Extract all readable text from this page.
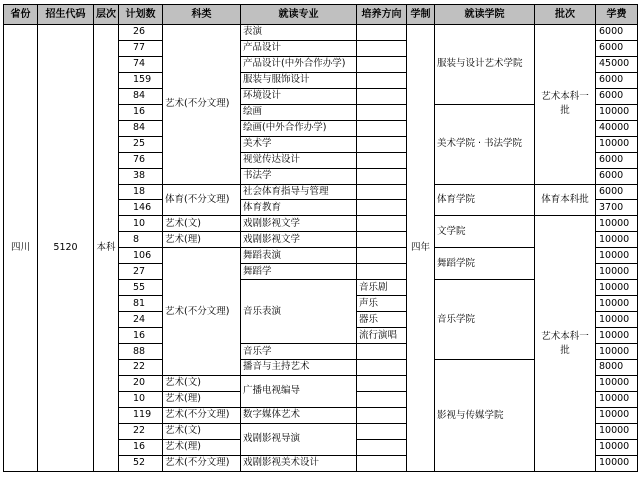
省份	招生代码	层次	计划数	科类	就读专业	培养方向	学制	就读学院	批次	学费
四川	5120	本科	26	艺术(不分文理)	表演		四年	服装与设计艺术学院	艺术本科一批	6000
			77		产品设计					6000
			74		产品设计(中外合作办学)					45000
			159		服装与服饰设计					6000
			84		环境设计					6000
			16		绘画			美术学院 · 书法学院		10000
			84		绘画(中外合作办学)					40000
			25		美术学					10000
			76		视觉传达设计					6000
			38		书法学					6000
			18	体育(不分文理)	社会体育指导与管理			体育学院	体育本科批	6000
			146		体育教育					3700
			10	艺术(文)	戏剧影视文学			文学院	艺术本科一批	10000
			8	艺术(理)	戏剧影视文学					10000
			106	艺术(不分文理)	舞蹈表演			舞蹈学院		10000
			27		舞蹈学					10000
			55		音乐表演	音乐剧		音乐学院		10000
			81			声乐				10000
			24			器乐				10000
			16			流行演唱				10000
			88		音乐学					10000
			22		播音与主持艺术			影视与传媒学院		8000
			20	艺术(文)	广播电视编导					10000
			10	艺术(理)						10000
			119	艺术(不分文理)	数字媒体艺术					10000
			22	艺术(文)	戏剧影视导演					10000
			16	艺术(理)						10000
			52	艺术(不分文理)	戏剧影视美术设计					10000
